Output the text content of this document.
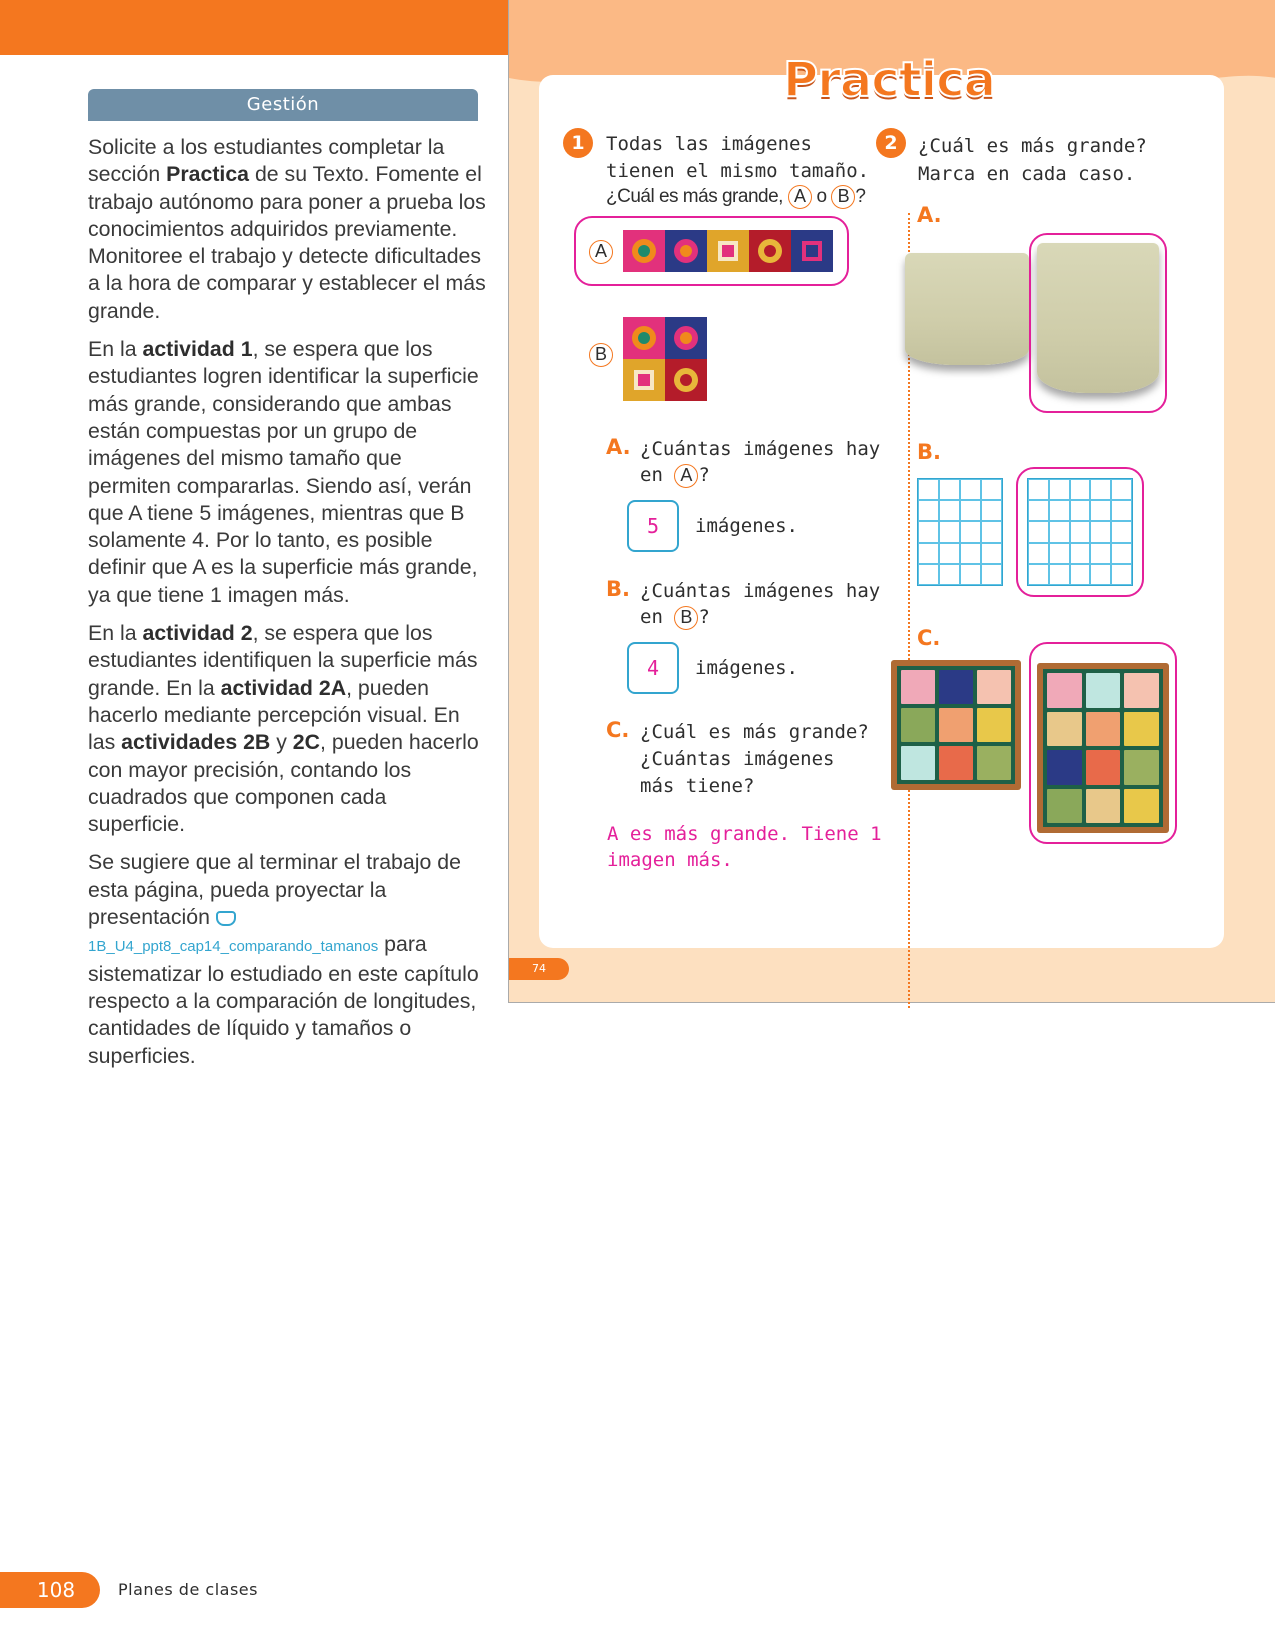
Gestión

Solicite a los estudiantes completar la sección Practica de su Texto. Fomente el trabajo autónomo para poner a prueba los conocimientos adquiridos previamente. Monitoree el trabajo y detecte dificultades a la hora de comparar y establecer el más grande.

En la actividad 1, se espera que los estudiantes logren identificar la superficie más grande, considerando que ambas están compuestas por un grupo de imágenes del mismo tamaño que permiten compararlas. Siendo así, verán que A tiene 5 imágenes, mientras que B solamente 4. Por lo tanto, es posible definir que A es la superficie más grande, ya que tiene 1 imagen más.

En la actividad 2, se espera que los estudiantes identifiquen la superficie más grande. En la actividad 2A, pueden hacerlo mediante percepción visual. En las actividades 2B y 2C, pueden hacerlo con mayor precisión, contando los cuadrados que componen cada superficie.

Se sugiere que al terminar el trabajo de esta página, pueda proyectar la presentación 1B_U4_ppt8_cap14_comparando_tamanos para sistematizar lo estudiado en este capítulo respecto a la comparación de longitudes, cantidades de líquido y tamaños o superficies.

1	Todas las imágenes
tienen el mismo tamaño.
¿Cuál es más grande, A o B ?
A
B
A. ¿Cuántas imágenes hay
en A ?
5	imágenes.
B. ¿Cuántas imágenes hay
en B ?
4	imágenes.
C. ¿Cuál es más grande?
¿Cuántas imágenes
más tiene?
A es más grande. Tiene 1
imagen más.
2	¿Cuál es más grande?
Marca en cada caso.
A.
B.
C.
Practica
74
108	Planes de clases
